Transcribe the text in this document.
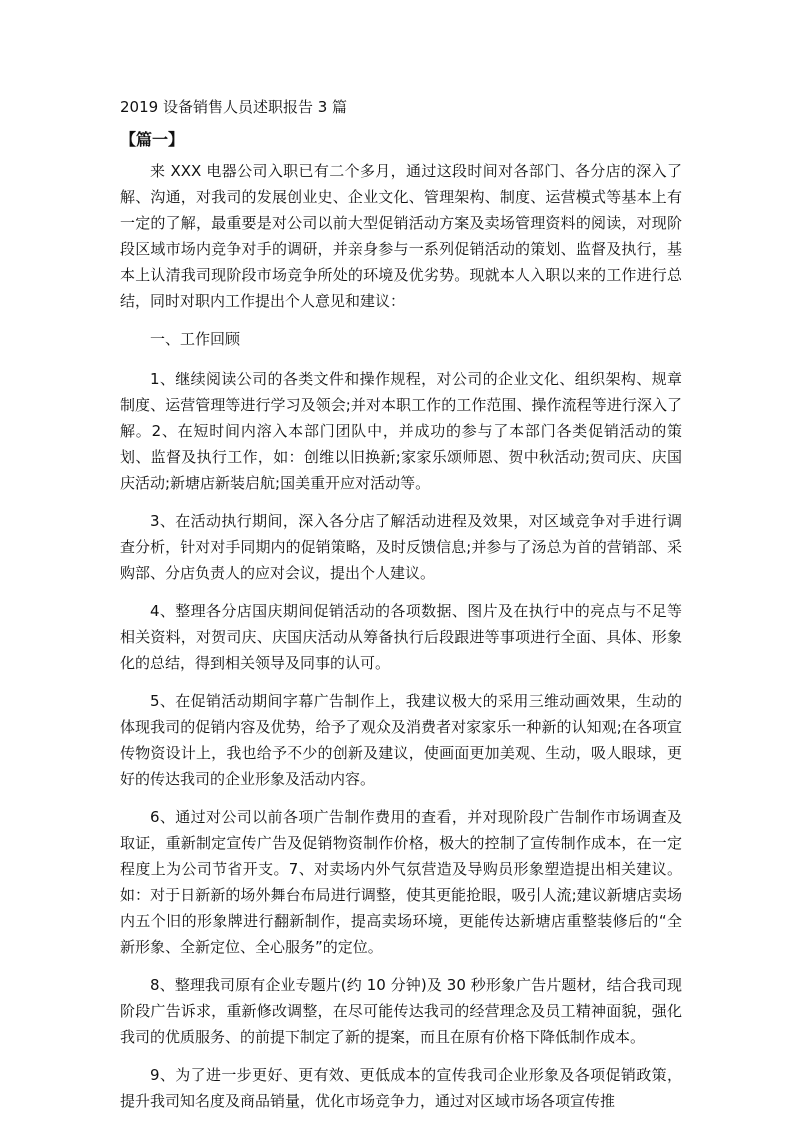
2019 设备销售人员述职报告 3 篇
【篇一】

来 XXX 电器公司入职已有二个多月，通过这段时间对各部门、各分店的深入了解、沟通，对我司的发展创业史、企业文化、管理架构、制度、运营模式等基本上有一定的了解，最重要是对公司以前大型促销活动方案及卖场管理资料的阅读，对现阶段区域市场内竞争对手的调研，并亲身参与一系列促销活动的策划、监督及执行，基本上认清我司现阶段市场竞争所处的环境及优劣势。现就本人入职以来的工作进行总结，同时对职内工作提出个人意见和建议：

一、工作回顾

1、继续阅读公司的各类文件和操作规程，对公司的企业文化、组织架构、规章制度、运营管理等进行学习及领会;并对本职工作的工作范围、操作流程等进行深入了解。2、在短时间内溶入本部门团队中，并成功的参与了本部门各类促销活动的策划、监督及执行工作，如：创维以旧换新;家家乐颂师恩、贺中秋活动;贺司庆、庆国庆活动;新塘店新装启航;国美重开应对活动等。

3、在活动执行期间，深入各分店了解活动进程及效果，对区域竞争对手进行调查分析，针对对手同期内的促销策略，及时反馈信息;并参与了汤总为首的营销部、采购部、分店负责人的应对会议，提出个人建议。

4、整理各分店国庆期间促销活动的各项数据、图片及在执行中的亮点与不足等相关资料，对贺司庆、庆国庆活动从筹备执行后段跟进等事项进行全面、具体、形象化的总结，得到相关领导及同事的认可。

5、在促销活动期间字幕广告制作上，我建议极大的采用三维动画效果，生动的体现我司的促销内容及优势，给予了观众及消费者对家家乐一种新的认知观;在各项宣传物资设计上，我也给予不少的创新及建议，使画面更加美观、生动，吸人眼球，更好的传达我司的企业形象及活动内容。

6、通过对公司以前各项广告制作费用的查看，并对现阶段广告制作市场调查及取证，重新制定宣传广告及促销物资制作价格，极大的控制了宣传制作成本，在一定程度上为公司节省开支。7、对卖场内外气氛营造及导购员形象塑造提出相关建议。如：对于日新新的场外舞台布局进行调整，使其更能抢眼，吸引人流;建议新塘店卖场内五个旧的形象牌进行翻新制作，提高卖场环境，更能传达新塘店重整装修后的“全新形象、全新定位、全心服务”的定位。

8、整理我司原有企业专题片(约 10 分钟)及 30 秒形象广告片题材，结合我司现阶段广告诉求，重新修改调整，在尽可能传达我司的经营理念及员工精神面貌，强化我司的优质服务、的前提下制定了新的提案，而且在原有价格下降低制作成本。

9、为了进一步更好、更有效、更低成本的宣传我司企业形象及各项促销政策，提升我司知名度及商品销量，优化市场竞争力，通过对区域市场各项宣传推
